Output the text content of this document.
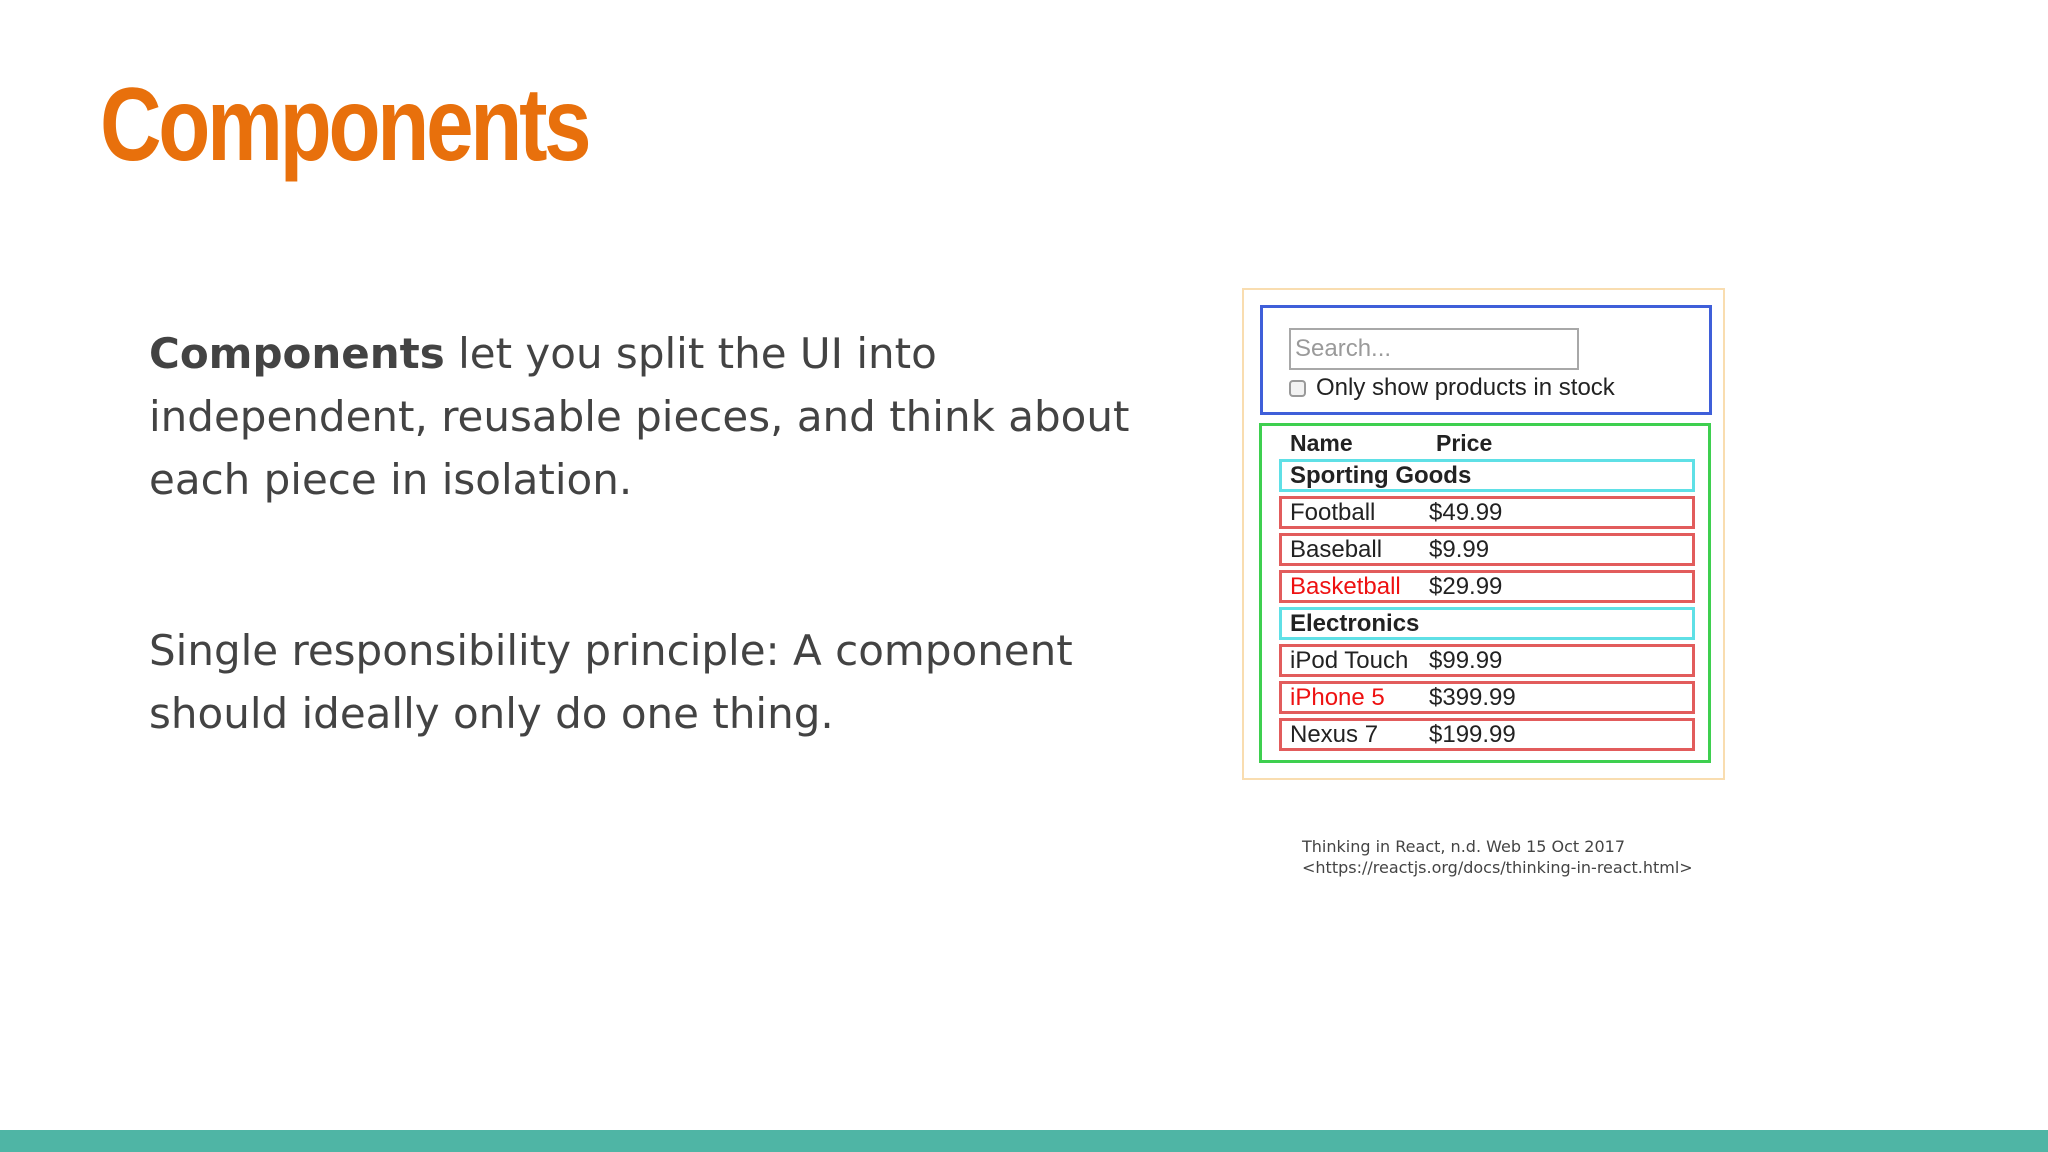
Components
Components let you split the UI into independent, reusable pieces, and think about each piece in isolation.
Single responsibility principle: A component should ideally only do one thing.
Search...
Only show products in stock
Name	Price
Sporting Goods
Football	$49.99
Baseball	$9.99
Basketball	$29.99
Electronics
iPod Touch $99.99
iPhone 5	$399.99
Nexus 7	$199.99
Thinking in React, n.d. Web 15 Oct 2017
<https://reactjs.org/docs/thinking-in-react.html>
